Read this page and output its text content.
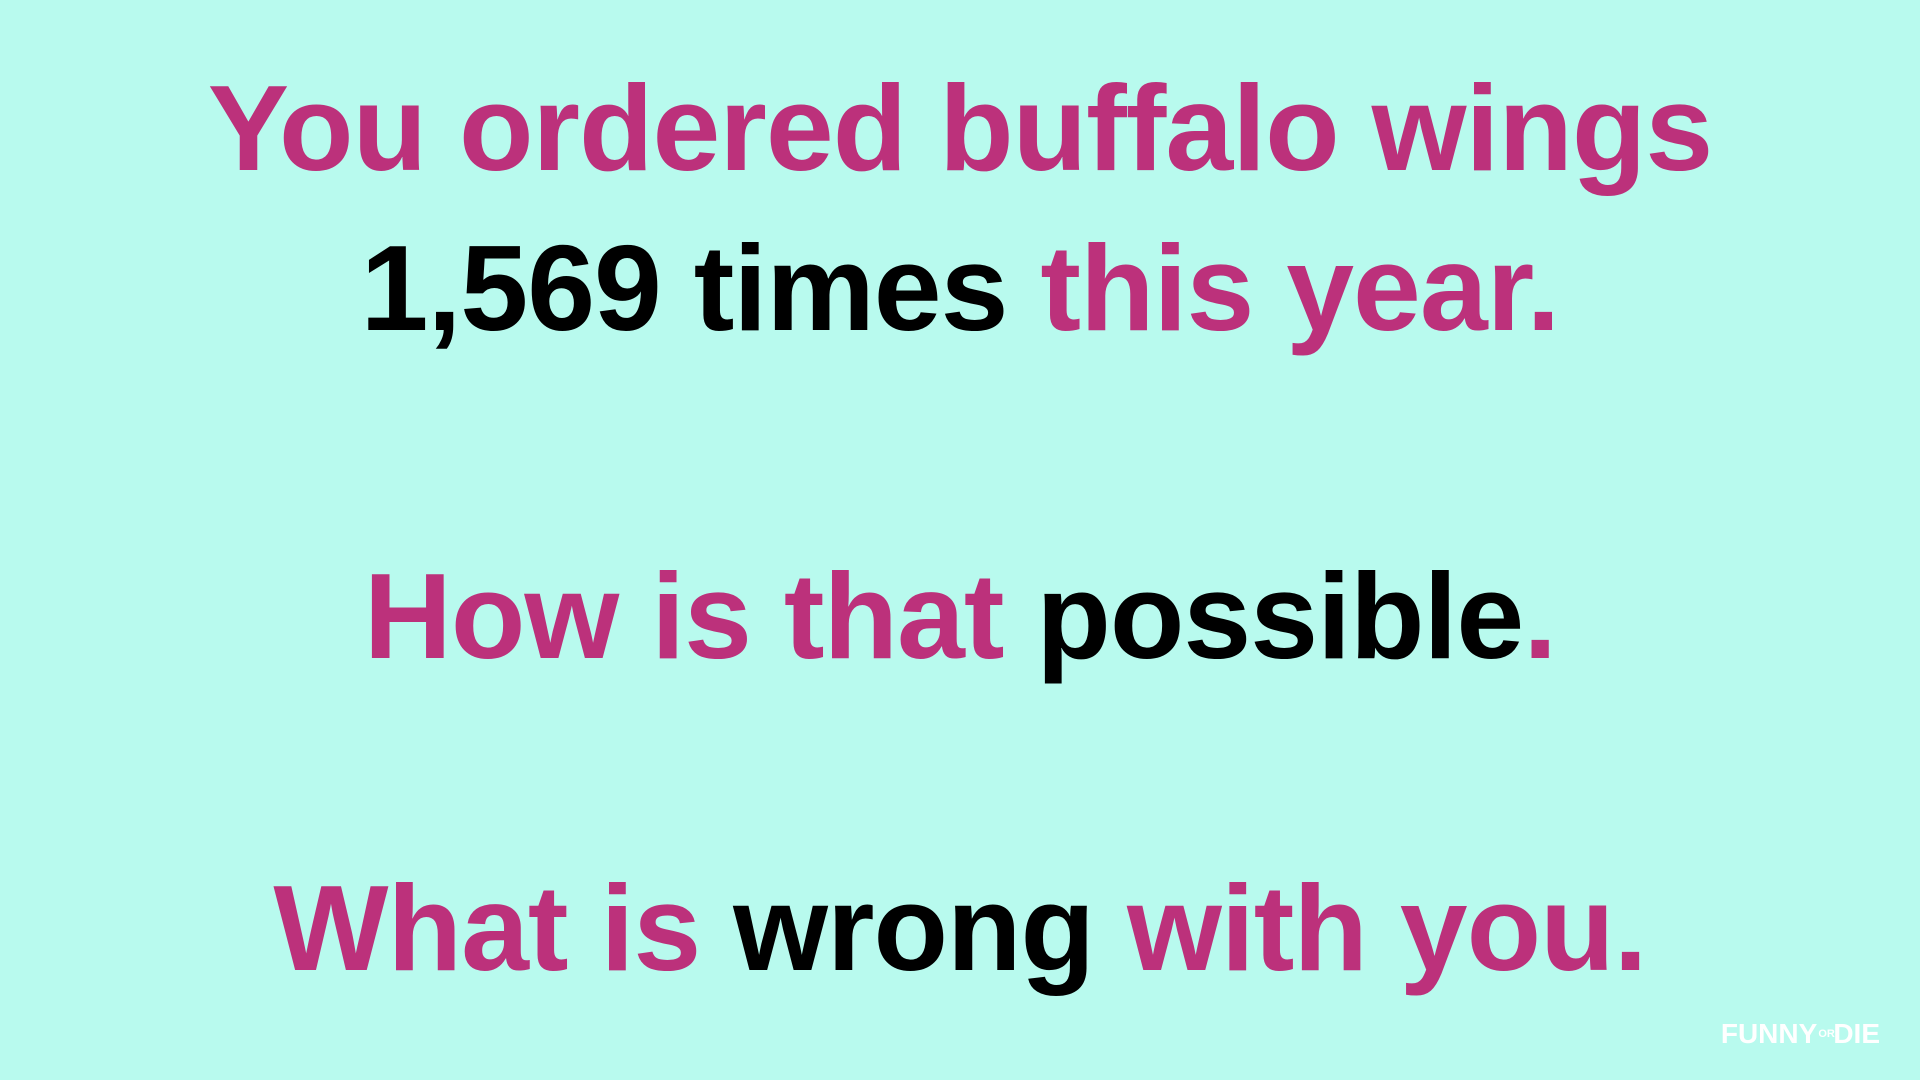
You ordered buffalo wings
1,569 times this year.
How is that possible.
What is wrong with you.
FUNNY OR
DIE
